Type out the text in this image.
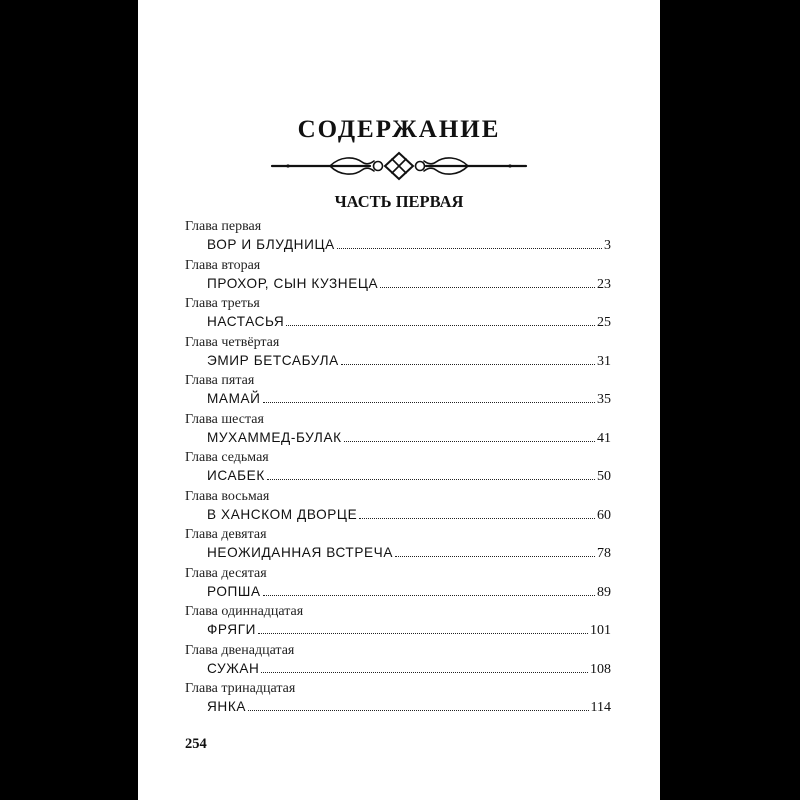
СОДЕРЖАНИЕ
ЧАСТЬ ПЕРВАЯ
Глава первая
ВОР И БЛУДНИЦА	3
Глава вторая
ПРОХОР, СЫН КУЗНЕЦА	23
Глава третья
НАСТАСЬЯ	25
Глава четвёртая
ЭМИР БЕТСАБУЛА	31
Глава пятая
МАМАЙ	35
Глава шестая
МУХАММЕД-БУЛАК	41
Глава седьмая
ИСАБЕК	50
Глава восьмая
В ХАНСКОМ ДВОРЦЕ	60
Глава девятая
НЕОЖИДАННАЯ ВСТРЕЧА	78
Глава десятая
РОПША	89
Глава одиннадцатая
ФРЯГИ	101
Глава двенадцатая
СУЖАН	108
Глава тринадцатая
ЯНКА	114
254
